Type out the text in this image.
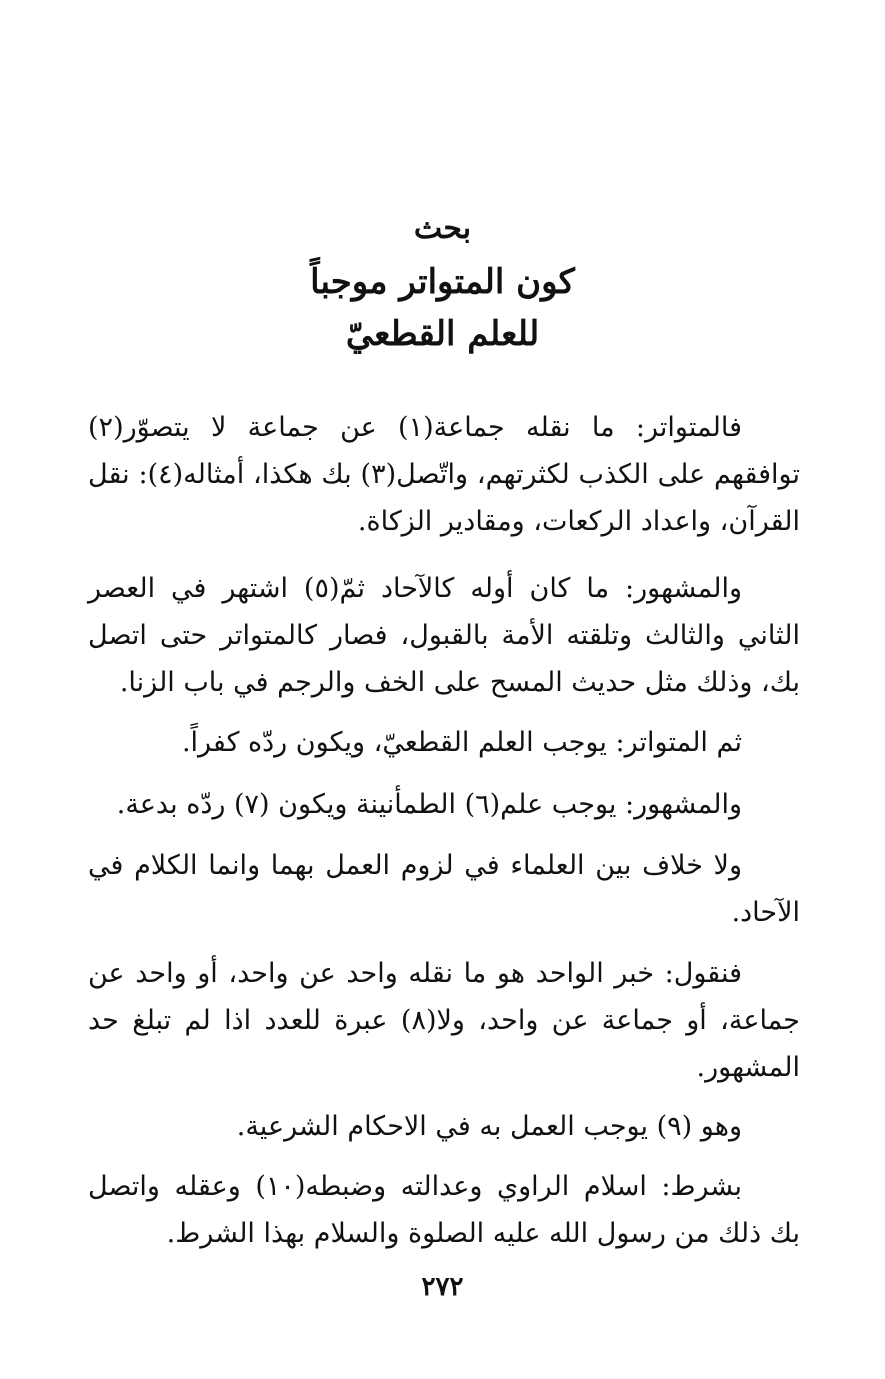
بحث
كون المتواتر موجباً
للعلم القطعيّ

فالمتواتر: ما نقله جماعة(١) عن جماعة لا يتصوّر(٢) توافقهم على الكذب لكثرتهم، واتّصل(٣) بك هكذا، أمثاله(٤): نقل القرآن، واعداد الركعات، ومقادير الزكاة.

والمشهور: ما كان أوله كالآحاد ثمّ(٥) اشتهر في العصر الثاني والثالث وتلقته الأمة بالقبول، فصار كالمتواتر حتى اتصل بك، وذلك مثل حديث المسح على الخف والرجم في باب الزنا.

ثم المتواتر: يوجب العلم القطعيّ، ويكون ردّه كفراً.

والمشهور: يوجب علم(٦) الطمأنينة ويكون (٧) ردّه بدعة.

ولا خلاف بين العلماء في لزوم العمل بهما وانما الكلام في الآحاد.

فنقول: خبر الواحد هو ما نقله واحد عن واحد، أو واحد عن جماعة، أو جماعة عن واحد، ولا(٨) عبرة للعدد اذا لم تبلغ حد المشهور.

وهو (٩) يوجب العمل به في الاحكام الشرعية.

بشرط: اسلام الراوي وعدالته وضبطه(١٠) وعقله واتصل بك ذلك من رسول الله عليه الصلوة والسلام بهذا الشرط.

٢٧٢
